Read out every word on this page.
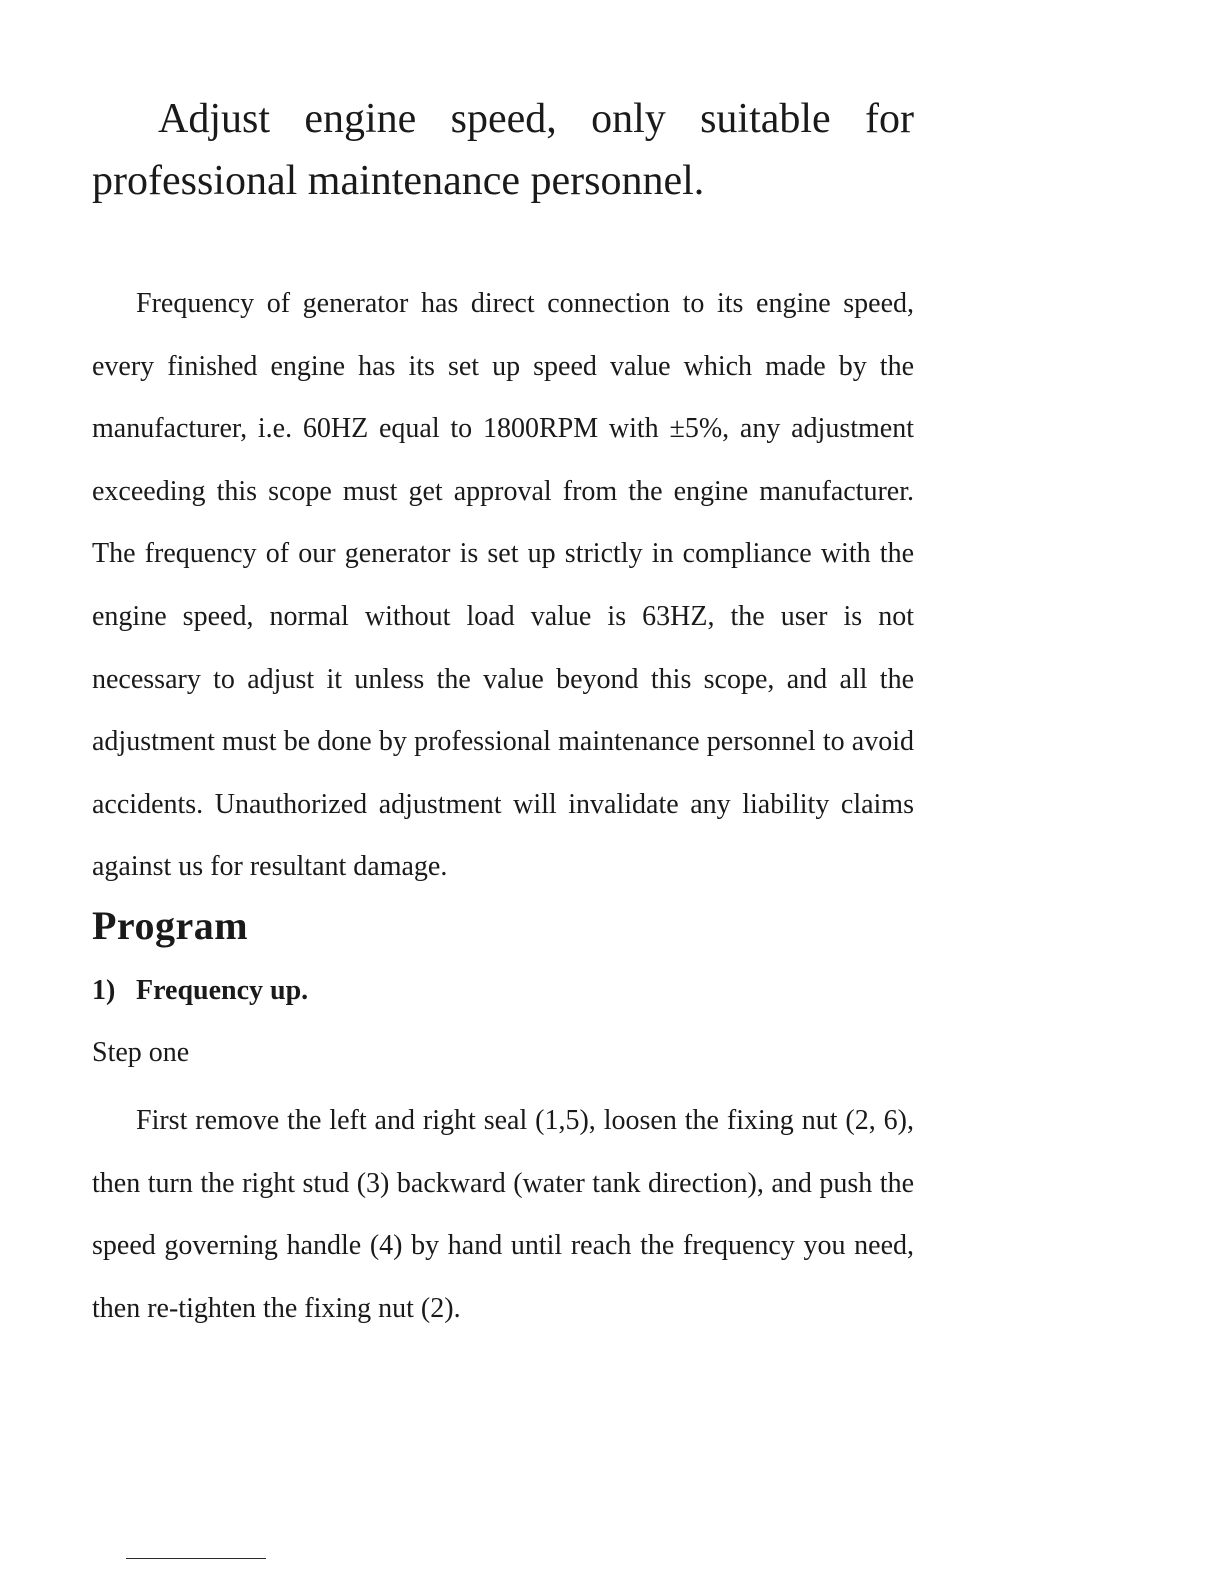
Adjust engine speed, only suitable for professional maintenance personnel.

Frequency of generator has direct connection to its engine speed, every finished engine has its set up speed value which made by the manufacturer, i.e. 60HZ equal to 1800RPM with ±5%, any adjustment exceeding this scope must get approval from the engine manufacturer. The frequency of our generator is set up strictly in compliance with the engine speed, normal without load value is 63HZ, the user is not necessary to adjust it unless the value beyond this scope, and all the adjustment must be done by professional maintenance personnel to avoid accidents. Unauthorized adjustment will invalidate any liability claims against us for resultant damage.

Program
1) Frequency up.

Step one

First remove the left and right seal (1,5), loosen the fixing nut (2, 6), then turn the right stud (3) backward (water tank direction), and push the speed governing handle (4) by hand until reach the frequency you need, then re-tighten the fixing nut (2).
